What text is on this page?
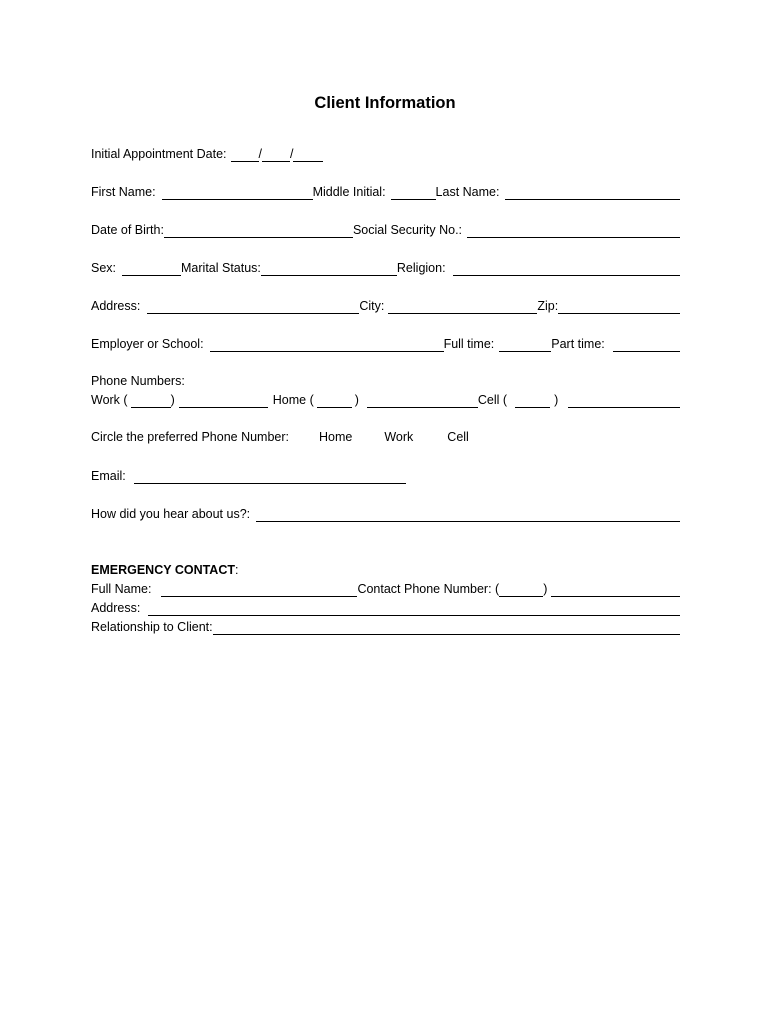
Client Information
Initial Appointment Date:	/ /
First Name:	Middle Initial:	Last Name:
Date of Birth:	Social Security No.:
Sex:	Marital Status:	Religion:
Address:	City:	Zip:
Employer or School:	Full time:	Part time:
Phone Numbers:
Work (	)	Home (	)	Cell (	)
Circle the preferred Phone Number: Home	Work	Cell
Email:
How did you hear about us?:
EMERGENCY CONTACT :
Full Name:	Contact Phone Number: (	)
Address:
Relationship to Client:
